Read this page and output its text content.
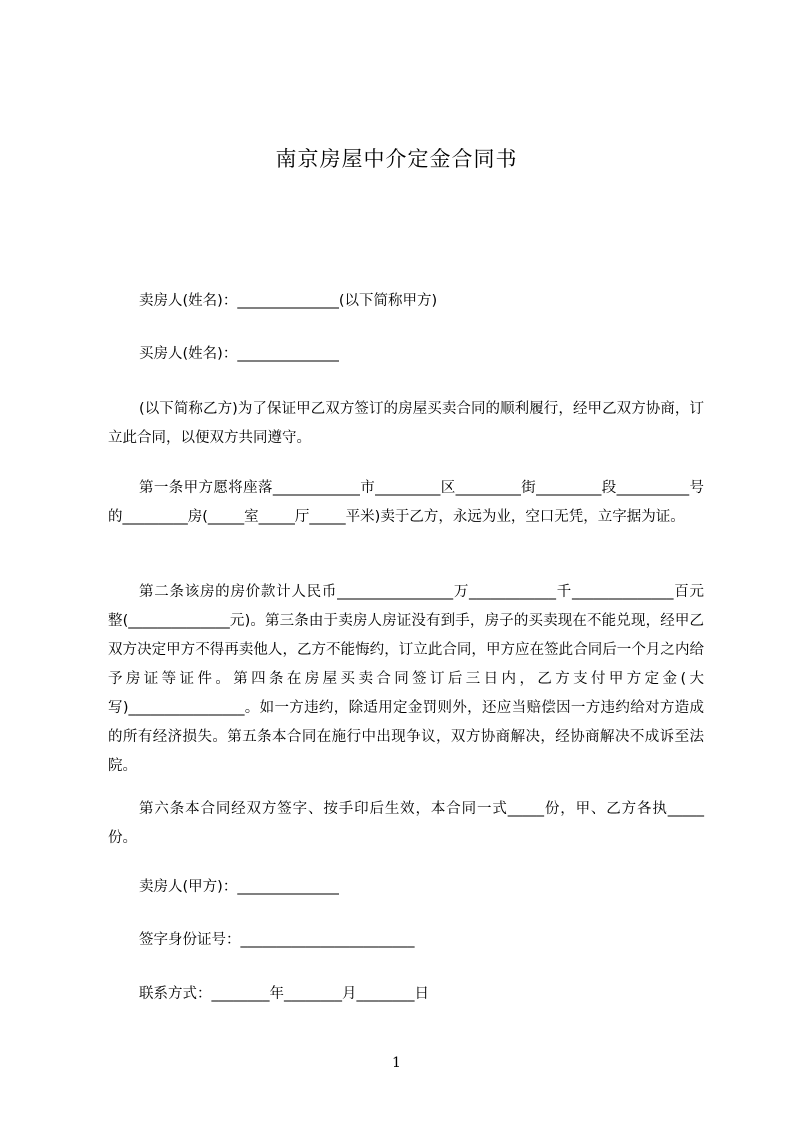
南京房屋中介定金合同书
卖房人(姓名)：______________(以下简称甲方)
买房人(姓名)：______________
(以下简称乙方)为了保证甲乙双方签订的房屋买卖合同的顺利履行，经甲乙双方协商，订立此合同，以便双方共同遵守。
第一条甲方愿将座落____________市_________区_________街_________段__________号的_________房(_____室_____厅_____平米)卖于乙方，永远为业，空口无凭，立字据为证。
第二条该房的房价款计人民币________________万____________千______________百元整(______________元)。第三条由于卖房人房证没有到手，房子的买卖现在不能兑现，经甲乙双方决定甲方不得再卖他人，乙方不能悔约，订立此合同，甲方应在签此合同后一个月之内给予房证等证件。第四条在房屋买卖合同签订后三日内，乙方支付甲方定金(大写)________________。如一方违约，除适用定金罚则外，还应当赔偿因一方违约给对方造成的所有经济损失。第五条本合同在施行中出现争议，双方协商解决，经协商解决不成诉至法院。
第六条本合同经双方签字、按手印后生效，本合同一式_____份，甲、乙方各执_____份。
卖房人(甲方)：______________
签字身份证号：________________________
联系方式：________年________月________日
1
